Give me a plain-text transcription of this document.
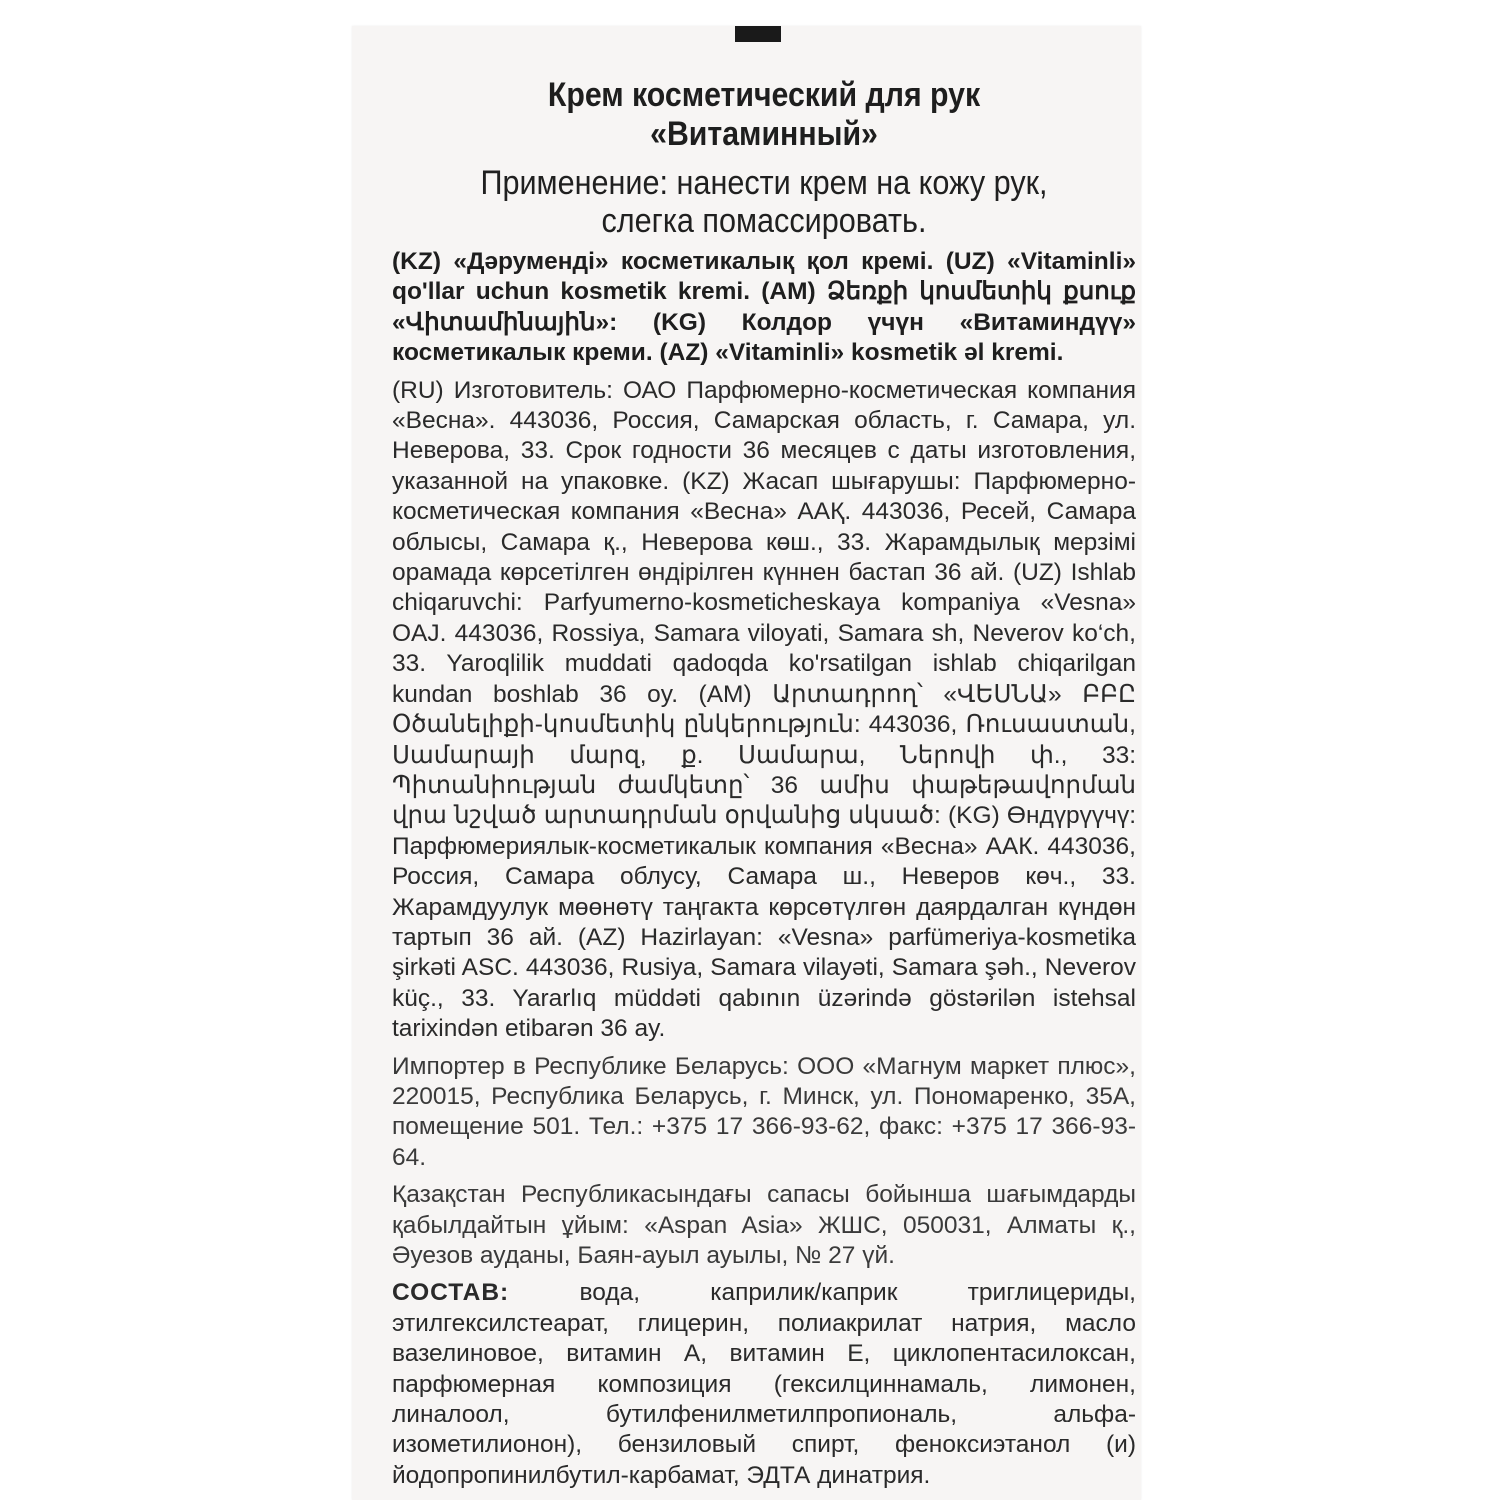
Крем косметический для рук
«Витаминный»
Применение: нанести крем на кожу рук,
слегка помассировать.
(KZ) «Дәруменді» косметикалық қол кремі. (UZ) «Vitaminli» qo'llar uchun kosmetik kremi. (AM) Ձեռքի կոսմետիկ քսուք «Վիտամինային»: (KG) Колдор үчүн «Витаминдүү» косметикалык креми. (AZ) «Vitaminli» kosmetik əl kremi.
(RU) Изготовитель: ОАО Парфюмерно-косметическая компания «Весна». 443036, Россия, Самарская область, г. Самара, ул. Неверова, 33. Срок годности 36 месяцев с даты изготовления, указанной на упаковке. (KZ) Жасап шығарушы: Парфюмерно-косметическая компания «Весна» ААҚ. 443036, Ресей, Самара облысы, Самара қ., Неверова көш., 33. Жарамдылық мерзімі орамада көрсетілген өндірілген күннен бастап 36 ай. (UZ) Ishlab chiqaruvchi: Parfyumerno-kosmeticheskaya kompaniya «Vesna» OAJ. 443036, Rossiya, Samara viloyati, Samara sh, Neverov ko‘ch, 33. Yaroqlilik muddati qadoqda ko'rsatilgan ishlab chiqarilgan kundan boshlab 36 oy. (AM) Արտադրող՝ «ՎԵՍՆԱ» ԲԲԸ Օծանելիքի-կոսմետիկ ընկերություն: 443036, Ռուսաստան, Սամարայի մարզ, ք. Սամարա, Ներովի փ., 33: Պիտանիության ժամկետը՝ 36 ամիս փաթեթավորման վրա նշված արտադրման օրվանից սկսած: (KG) Өндүрүүчү: Парфюмериялык-косметикалык компания «Весна» ААК. 443036, Россия, Самара облусу, Самара ш., Неверов көч., 33. Жарамдуулук мөөнөтү таңгакта көрсөтүлгөн даярдалган күндөн тартып 36 ай. (AZ) Hazirlayan: «Vesna» parfümeriya-kosmetika şirkəti ASC. 443036, Rusiya, Samara vilayəti, Samara şəh., Neverov küç., 33. Yararlıq müddəti qabının üzərində göstərilən istehsal tarixindən etibarən 36 ay.
Импортер в Республике Беларусь: ООО «Магнум маркет плюс», 220015, Республика Беларусь, г. Минск, ул. Пономаренко, 35А, помещение 501. Тел.: +375 17 366-93-62, факс: +375 17 366-93-64.
Қазақстан Республикасындағы сапасы бойынша шағымдарды қабылдайтын ұйым: «Aspan Asia» ЖШС, 050031, Алматы қ., Әуезов ауданы, Баян-ауыл ауылы, № 27 үй.
СОСТАВ: вода, каприлик/каприк триглицериды, этилгексилстеарат, глицерин, полиакрилат натрия, масло вазелиновое, витамин А, витамин Е, циклопентасилоксан, парфюмерная композиция (гексилциннамаль, лимонен, линалоол, бутилфенилметилпропиональ, альфа-изометилионон), бензиловый спирт, феноксиэтанол (и) йодопропинилбутил-карбамат, ЭДТА динатрия.
